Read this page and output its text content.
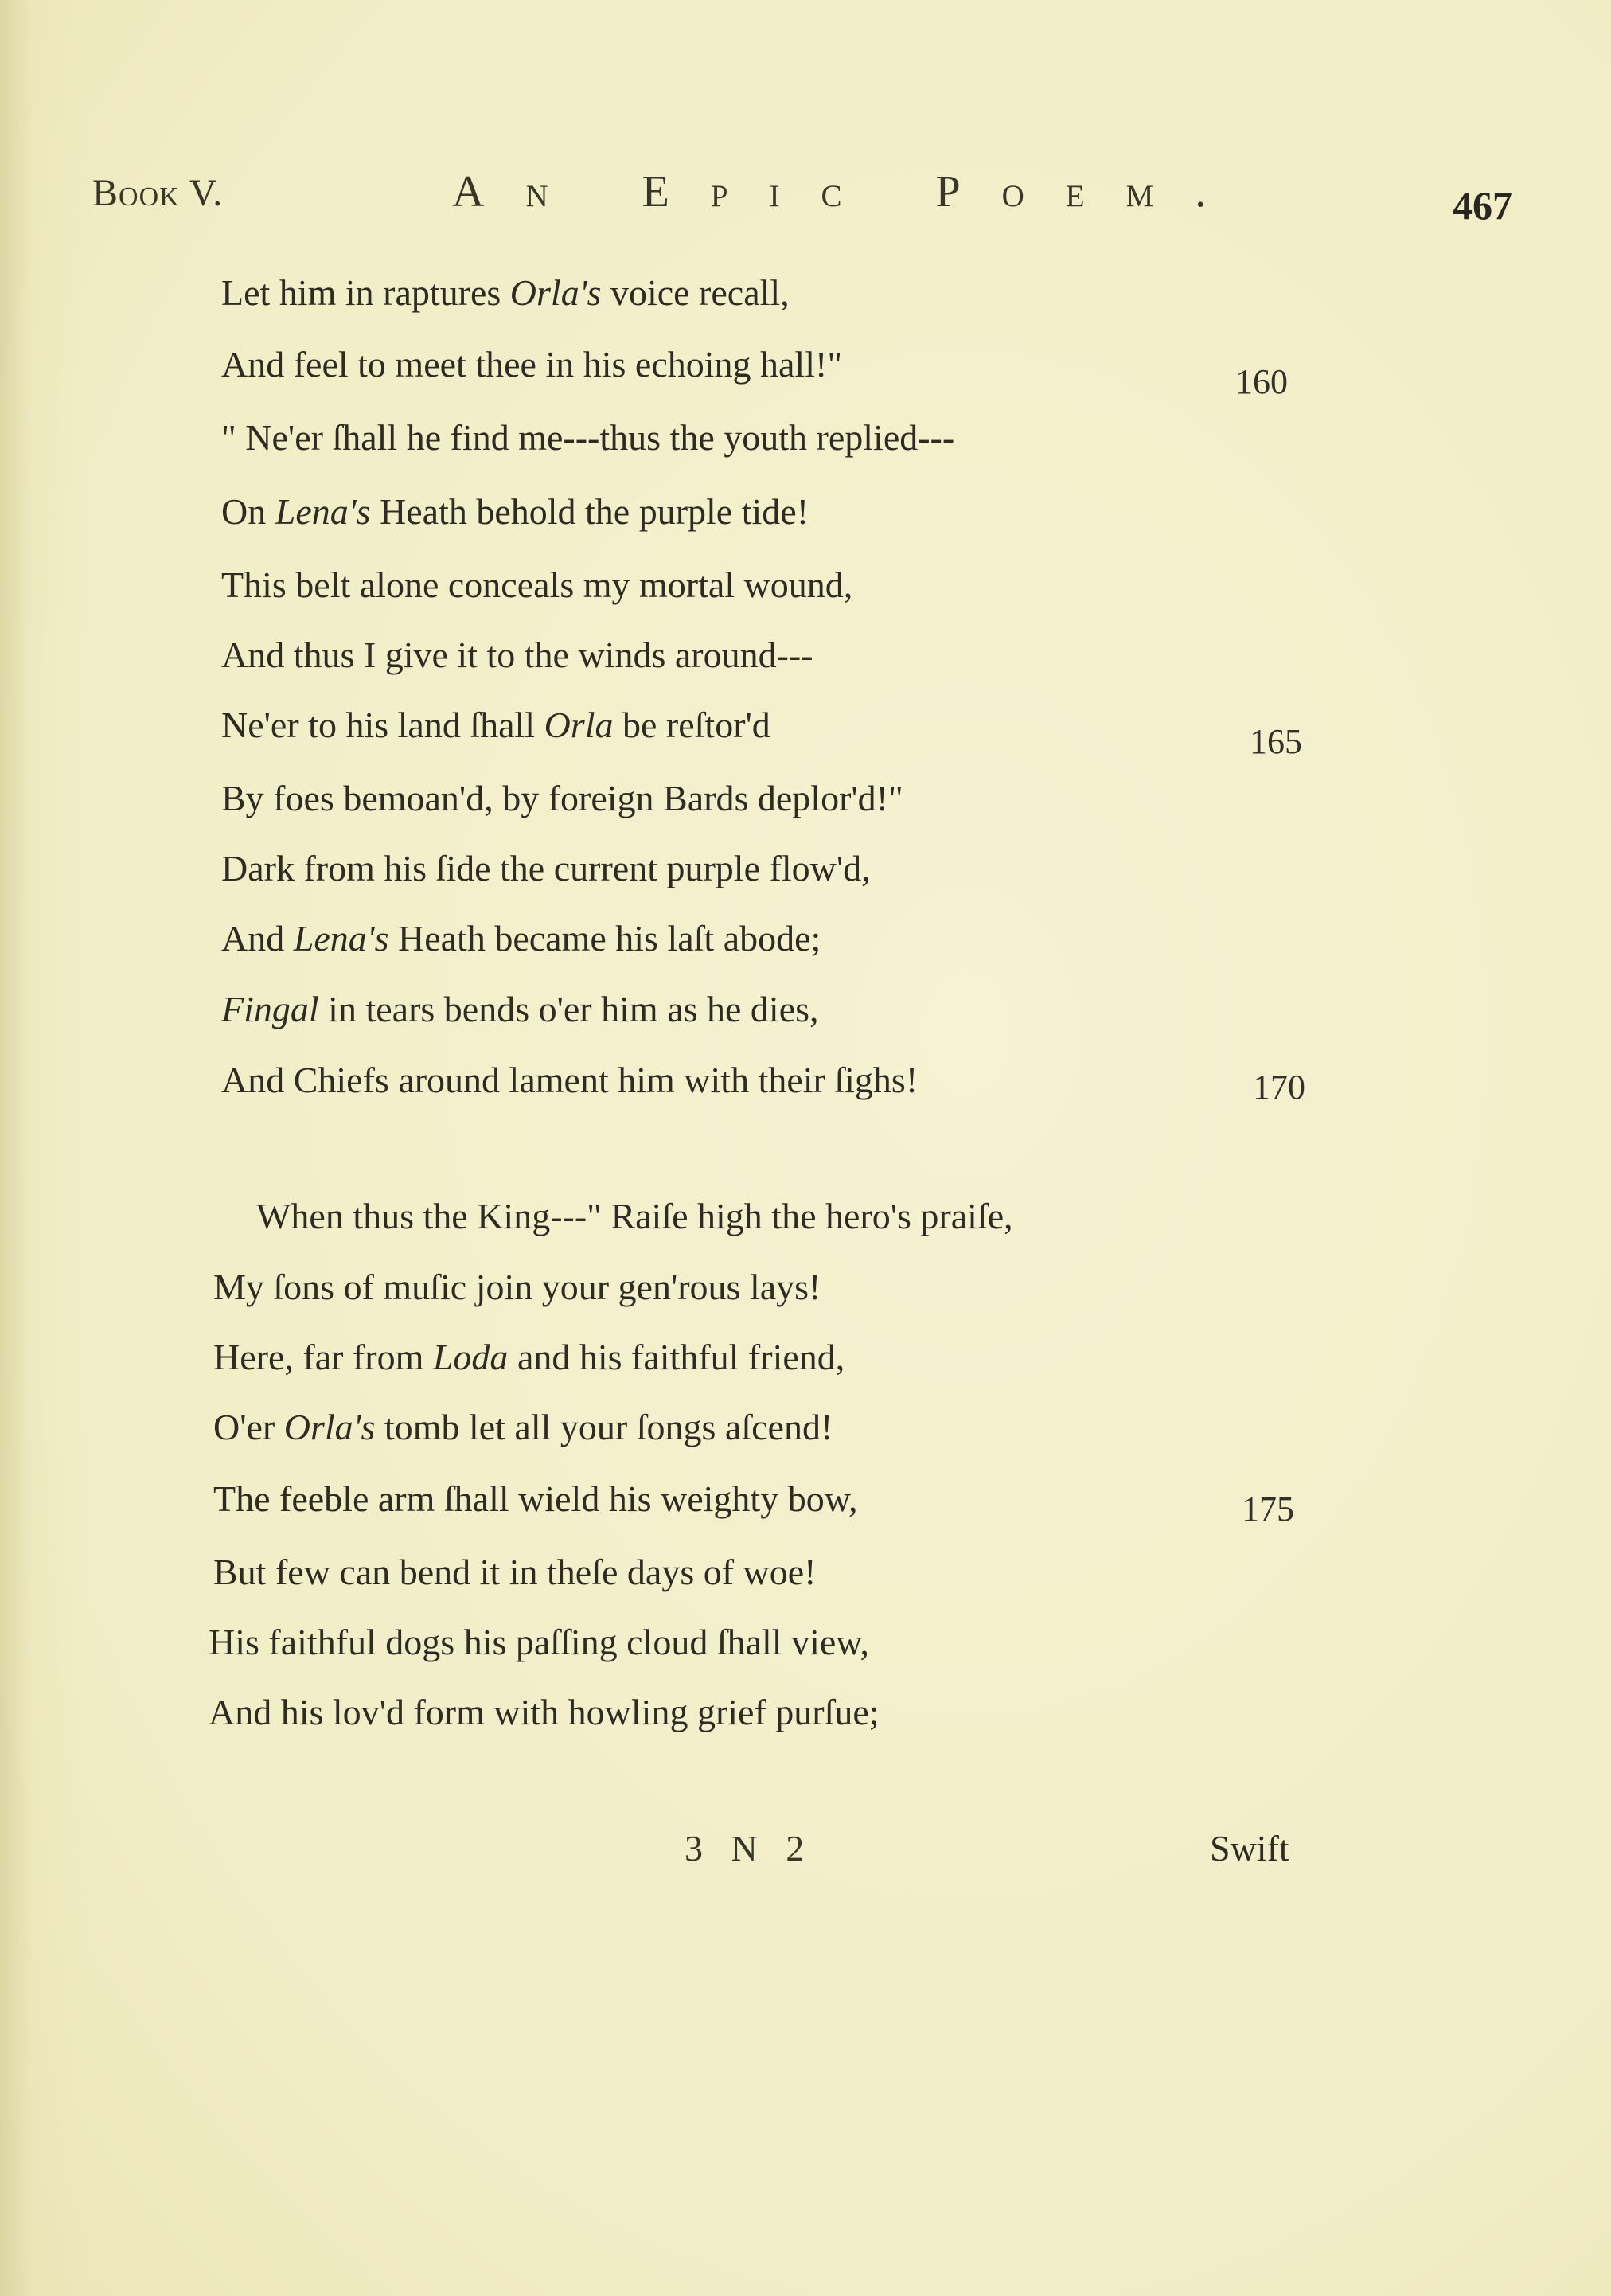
Book V.	An Epic Poem.	467
Let him in raptures Orla's voice recall,
And feel to meet thee in his echoing hall!"
" Ne'er ſhall he find me---thus the youth replied---
On Lena's Heath behold the purple tide!
This belt alone conceals my mortal wound,
And thus I give it to the winds around---
Ne'er to his land ſhall Orla be reſtor'd
By foes bemoan'd, by foreign Bards deplor'd!"
Dark from his ſide the current purple flow'd,
And Lena's Heath became his laſt abode;
Fingal in tears bends o'er him as he dies,
And Chiefs around lament him with their ſighs!
When thus the King---" Raiſe high the hero's praiſe,
My ſons of muſic join your gen'rous lays!
Here, far from Loda and his faithful friend,
O'er Orla's tomb let all your ſongs aſcend!
The feeble arm ſhall wield his weighty bow,
But few can bend it in theſe days of woe!
His faithful dogs his paſſing cloud ſhall view,
And his lov'd form with howling grief purſue;
160
165
170
175
3 N 2	Swift
